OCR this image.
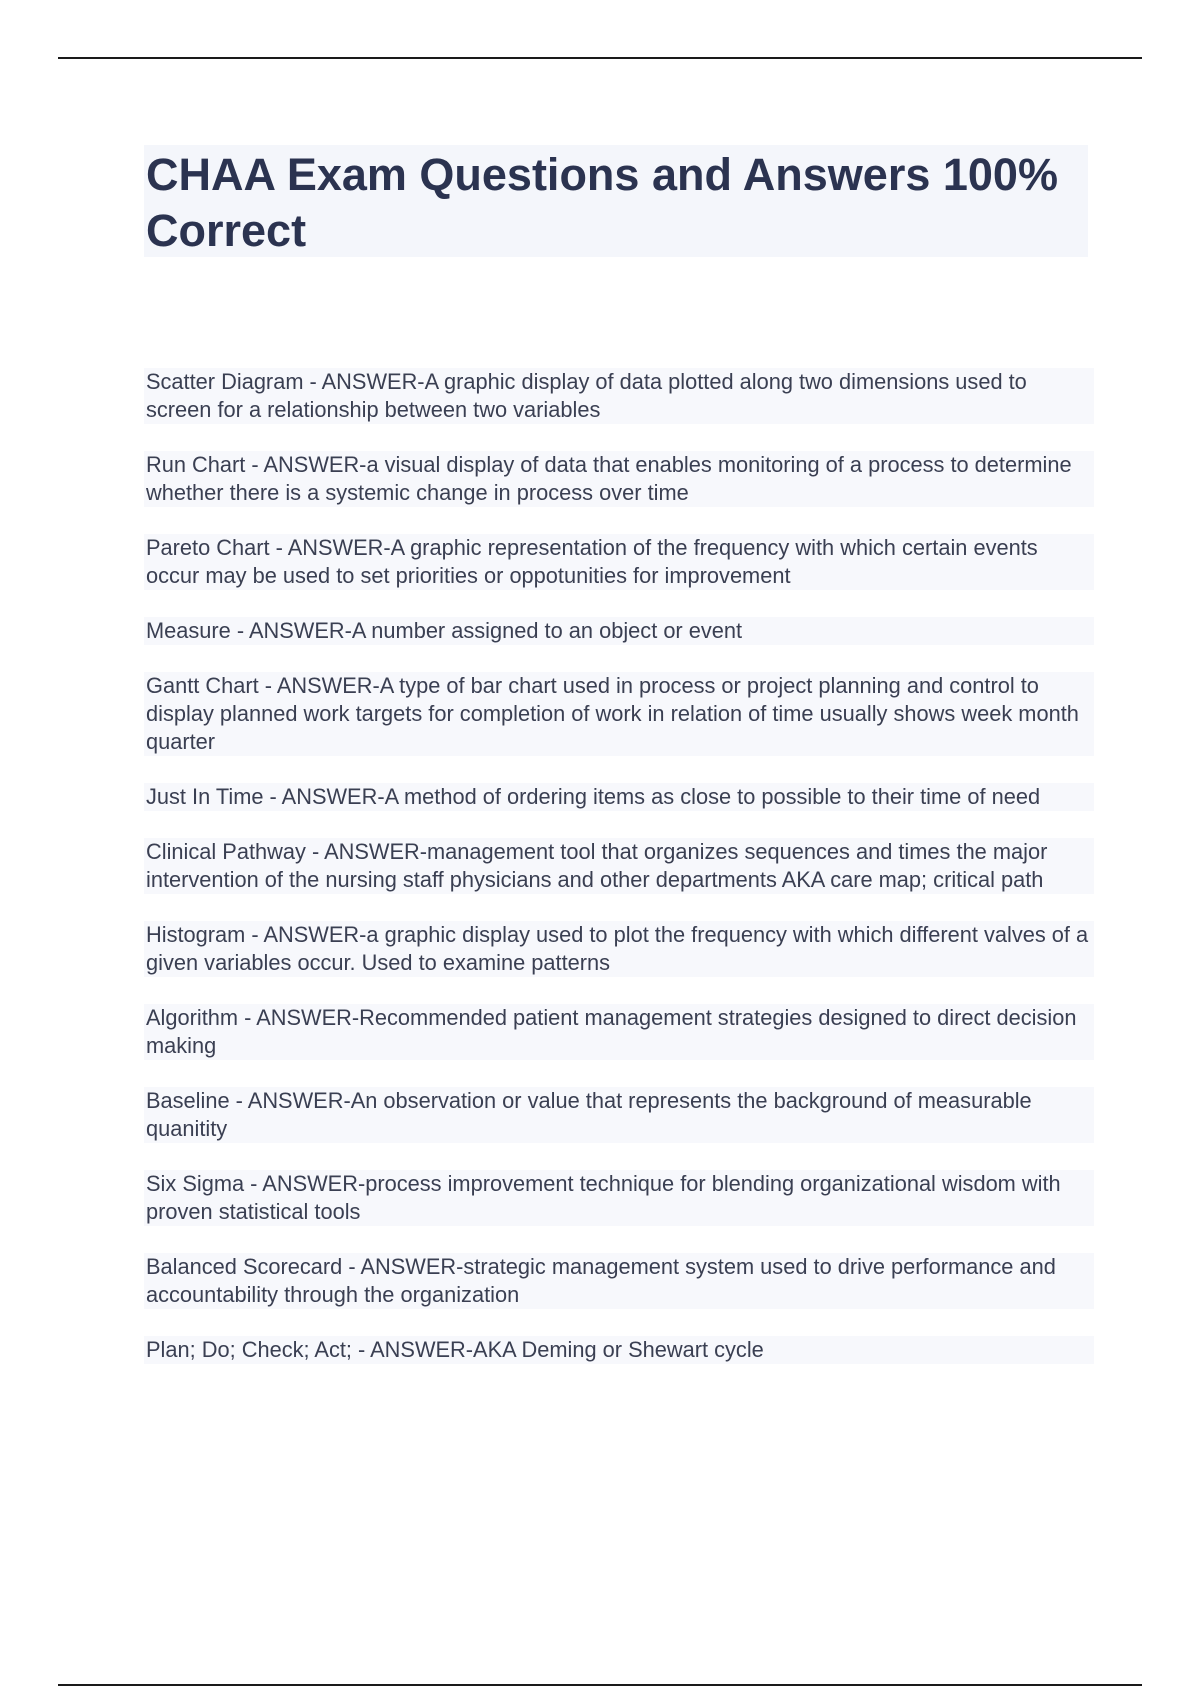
CHAA Exam Questions and Answers 100% Correct
Scatter Diagram - ANSWER-A graphic display of data plotted along two dimensions used to screen for a relationship between two variables Run Chart - ANSWER-a visual display of data that enables monitoring of a process to determine whether there is a systemic change in process over time Pareto Chart - ANSWER-A graphic representation of the frequency with which certain events occur may be used to set priorities or oppotunities for improvement Measure - ANSWER-A number assigned to an object or event Gantt Chart - ANSWER-A type of bar chart used in process or project planning and control to display planned work targets for completion of work in relation of time usually shows week month quarter Just In Time - ANSWER-A method of ordering items as close to possible to their time of need Clinical Pathway - ANSWER-management tool that organizes sequences and times the major intervention of the nursing staff physicians and other departments AKA care map; critical path Histogram - ANSWER-a graphic display used to plot the frequency with which different valves of a given variables occur. Used to examine patterns Algorithm - ANSWER-Recommended patient management strategies designed to direct decision making Baseline - ANSWER-An observation or value that represents the background of measurable quanitity Six Sigma - ANSWER-process improvement technique for blending organizational wisdom with proven statistical tools Balanced Scorecard - ANSWER-strategic management system used to drive performance and accountability through the organization Plan; Do; Check; Act; - ANSWER-AKA Deming or Shewart cycle
